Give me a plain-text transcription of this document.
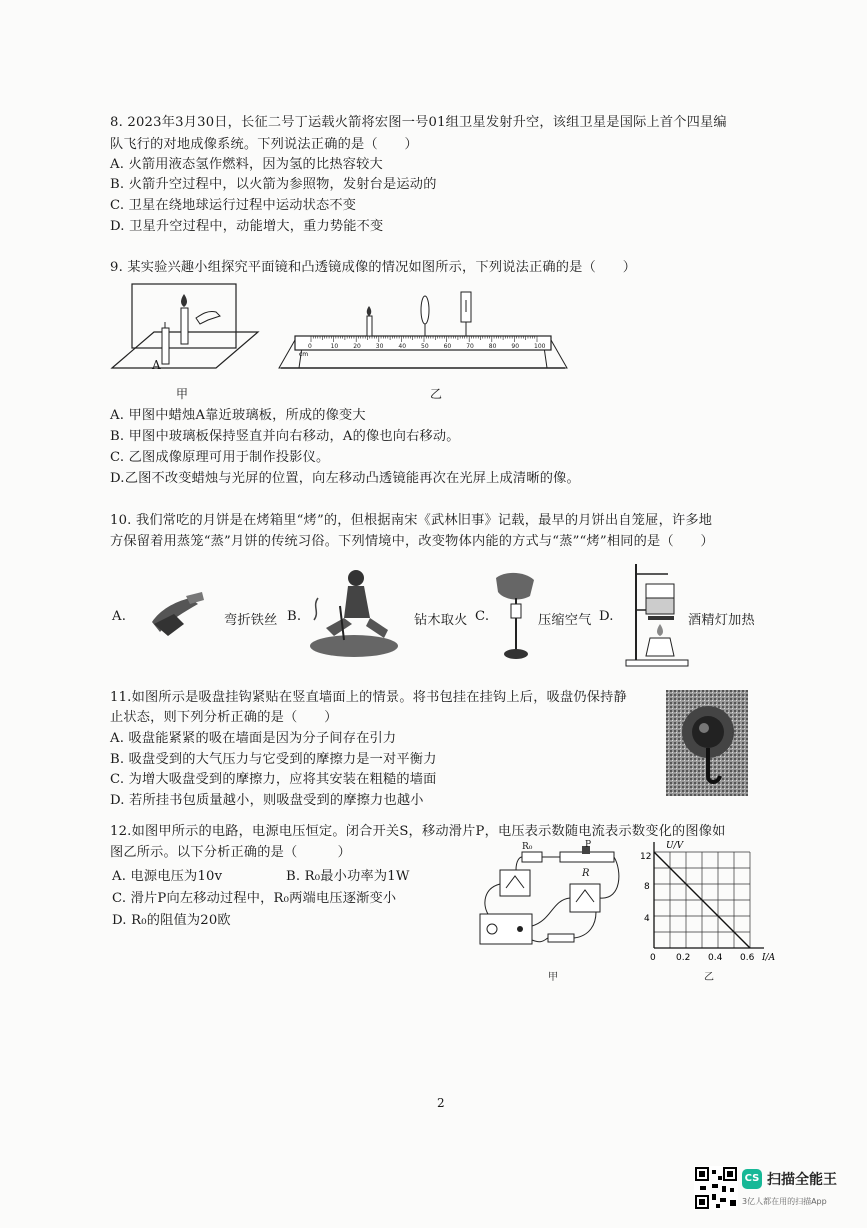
8. 2023年3月30日，长征二号丁运载火箭将宏图一号01组卫星发射升空，该组卫星是国际上首个四星编
队飞行的对地成像系统。下列说法正确的是（　　）
A. 火箭用液态氢作燃料，因为氢的比热容较大
B. 火箭升空过程中，以火箭为参照物，发射台是运动的
C. 卫星在绕地球运行过程中运动状态不变
D. 卫星升空过程中，动能增大，重力势能不变
9. 某实验兴趣小组探究平面镜和凸透镜成像的情况如图所示，下列说法正确的是（　　）
A
甲
cm
0	10 20 30 40 50 60 70 80 90 100
乙
A. 甲图中蜡烛A靠近玻璃板，所成的像变大
B. 甲图中玻璃板保持竖直并向右移动，A的像也向右移动。
C. 乙图成像原理可用于制作投影仪。
D.乙图不改变蜡烛与光屏的位置，向左移动凸透镜能再次在光屏上成清晰的像。
10. 我们常吃的月饼是在烤箱里“烤”的，但根据南宋《武林旧事》记载，最早的月饼出自笼屉，许多地
方保留着用蒸笼“蒸”月饼的传统习俗。下列情境中，改变物体内能的方式与“蒸”“烤”相同的是（　　）
A.	弯折铁丝 B.	钻木取火 C.	压缩空气 D.	酒精灯加热
11.如图所示是吸盘挂钩紧贴在竖直墙面上的情景。将书包挂在挂钩上后，吸盘仍保持静
止状态，则下列分析正确的是（　　）
A. 吸盘能紧紧的吸在墙面是因为分子间存在引力
B. 吸盘受到的大气压力与它受到的摩擦力是一对平衡力
C. 为增大吸盘受到的摩擦力，应将其安装在粗糙的墙面
D. 若所挂书包质量越小，则吸盘受到的摩擦力也越小
12.如图甲所示的电路，电源电压恒定。闭合开关S，移动滑片P，电压表示数随电流表示数变化的图像如
图乙所示。以下分析正确的是（　　　）
A. 电源电压为10v	B. R₀最小功率为1W
C. 滑片P向左移动过程中，R₀两端电压逐渐变小
D. R₀的阻值为20欧
R₀	P
R
甲
U/V
I/A
0 0.2 0.4 0.6
4
8
12
乙
2
CS 扫描全能王
3亿人都在用的扫描App
